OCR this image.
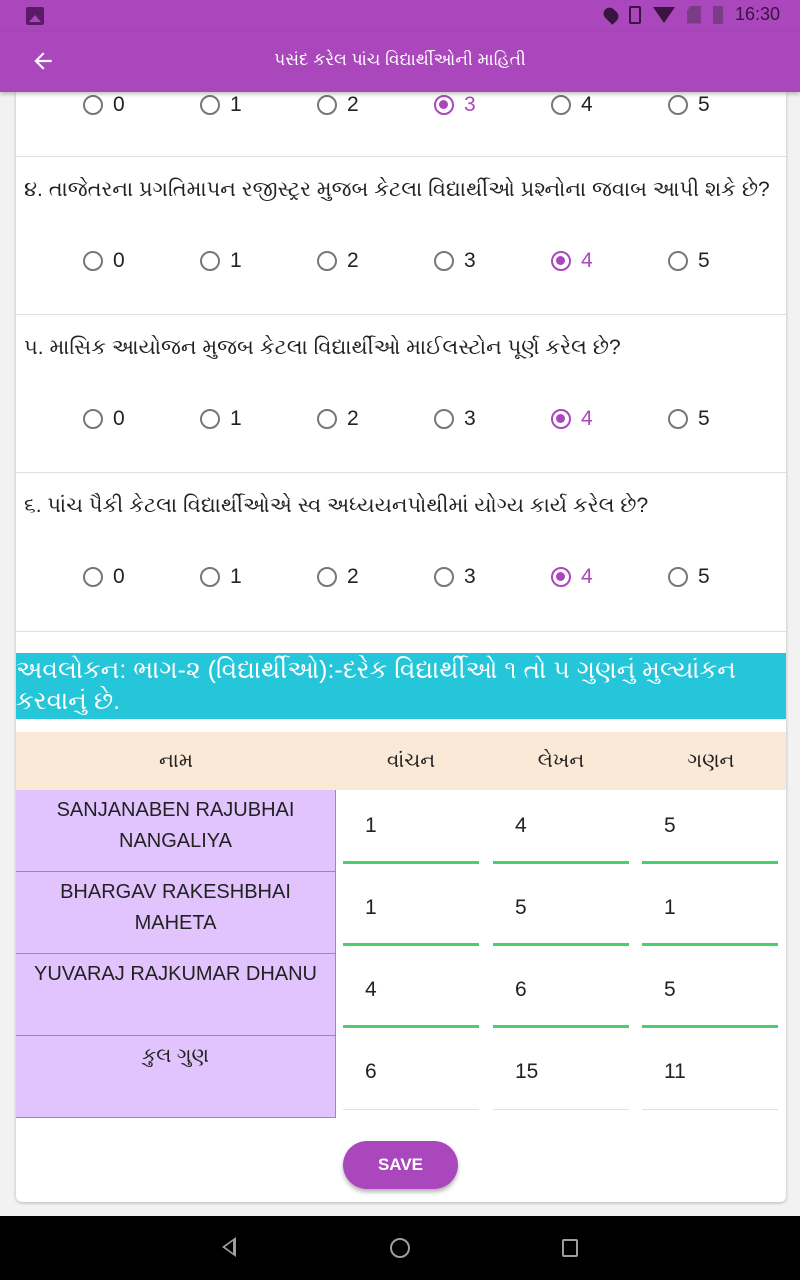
16:30
પસંદ કરેલ પાંચ વિદ્યાર્થીઓની માહિતી
0	1	2	3	4	5
૪. તાજેતરના પ્રગતિમાપન રજીસ્ટ્રર મુજબ કેટલા વિદ્યાર્થીઓ પ્રશ્નોના જવાબ આપી શકે છે?
0	1	2	3	4	5
૫. માસિક આયોજન મુજબ કેટલા વિદ્યાર્થીઓ માઈલસ્ટોન પૂર્ણ કરેલ છે?
0	1	2	3	4	5
૬. પાંચ પૈકી કેટલા વિદ્યાર્થીઓએ સ્વ અધ્યયનપોથીમાં યોગ્ય કાર્ય કરેલ છે?
0	1	2	3	4	5
અવલોકન: ભાગ-૨ (વિદ્યાર્થીઓ):-દરેક વિદ્યાર્થીઓ ૧ તો ૫ ગુણનું મુલ્યાંકન કરવાનું છે.
નામ	વાંચન	લેખન	ગણન
SANJANABEN RAJUBHAI NANGALIYA
1	4	5
BHARGAV RAKESHBHAI MAHETA
1	5	1
YUVARAJ RAJKUMAR DHANU
4	6	5
કુલ ગુણ
6	15	11
SAVE
